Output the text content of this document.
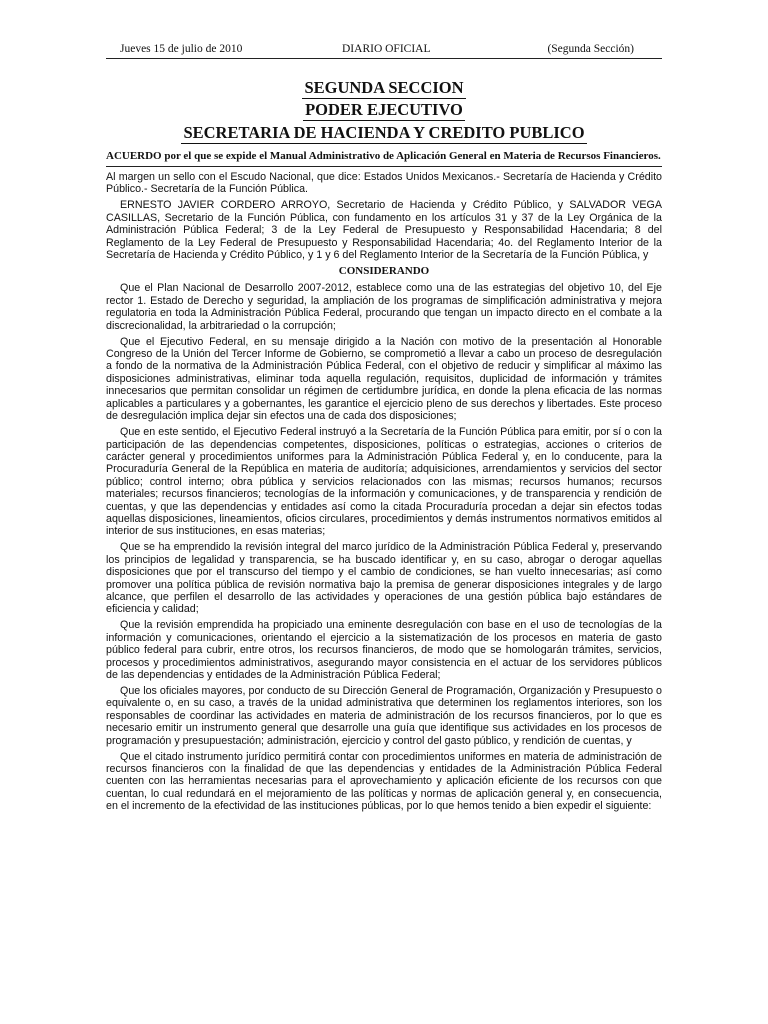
Jueves 15 de julio de 2010	DIARIO OFICIAL	(Segunda Sección)
SEGUNDA SECCION
PODER EJECUTIVO
SECRETARIA DE HACIENDA Y CREDITO PUBLICO
ACUERDO por el que se expide el Manual Administrativo de Aplicación General en Materia de Recursos Financieros.

Al margen un sello con el Escudo Nacional, que dice: Estados Unidos Mexicanos.- Secretaría de Hacienda y Crédito Público.- Secretaría de la Función Pública.

ERNESTO JAVIER CORDERO ARROYO, Secretario de Hacienda y Crédito Público, y SALVADOR VEGA CASILLAS, Secretario de la Función Pública, con fundamento en los artículos 31 y 37 de la Ley Orgánica de la Administración Pública Federal; 3 de la Ley Federal de Presupuesto y Responsabilidad Hacendaria; 8 del Reglamento de la Ley Federal de Presupuesto y Responsabilidad Hacendaria; 4o. del Reglamento Interior de la Secretaría de Hacienda y Crédito Público, y 1 y 6 del Reglamento Interior de la Secretaría de la Función Pública, y

CONSIDERANDO

Que el Plan Nacional de Desarrollo 2007-2012, establece como una de las estrategias del objetivo 10, del Eje rector 1. Estado de Derecho y seguridad, la ampliación de los programas de simplificación administrativa y mejora regulatoria en toda la Administración Pública Federal, procurando que tengan un impacto directo en el combate a la discrecionalidad, la arbitrariedad o la corrupción;

Que el Ejecutivo Federal, en su mensaje dirigido a la Nación con motivo de la presentación al Honorable Congreso de la Unión del Tercer Informe de Gobierno, se comprometió a llevar a cabo un proceso de desregulación a fondo de la normativa de la Administración Pública Federal, con el objetivo de reducir y simplificar al máximo las disposiciones administrativas, eliminar toda aquella regulación, requisitos, duplicidad de información y trámites innecesarios que permitan consolidar un régimen de certidumbre jurídica, en donde la plena eficacia de las normas aplicables a particulares y a gobernantes, les garantice el ejercicio pleno de sus derechos y libertades. Este proceso de desregulación implica dejar sin efectos una de cada dos disposiciones;

Que en este sentido, el Ejecutivo Federal instruyó a la Secretaría de la Función Pública para emitir, por sí o con la participación de las dependencias competentes, disposiciones, políticas o estrategias, acciones o criterios de carácter general y procedimientos uniformes para la Administración Pública Federal y, en lo conducente, para la Procuraduría General de la República en materia de auditoría; adquisiciones, arrendamientos y servicios del sector público; control interno; obra pública y servicios relacionados con las mismas; recursos humanos; recursos materiales; recursos financieros; tecnologías de la información y comunicaciones, y de transparencia y rendición de cuentas, y que las dependencias y entidades así como la citada Procuraduría procedan a dejar sin efectos todas aquellas disposiciones, lineamientos, oficios circulares, procedimientos y demás instrumentos normativos emitidos al interior de sus instituciones, en esas materias;

Que se ha emprendido la revisión integral del marco jurídico de la Administración Pública Federal y, preservando los principios de legalidad y transparencia, se ha buscado identificar y, en su caso, abrogar o derogar aquellas disposiciones que por el transcurso del tiempo y el cambio de condiciones, se han vuelto innecesarias; así como promover una política pública de revisión normativa bajo la premisa de generar disposiciones integrales y de largo alcance, que perfilen el desarrollo de las actividades y operaciones de una gestión pública bajo estándares de eficiencia y calidad;

Que la revisión emprendida ha propiciado una eminente desregulación con base en el uso de tecnologías de la información y comunicaciones, orientando el ejercicio a la sistematización de los procesos en materia de gasto público federal para cubrir, entre otros, los recursos financieros, de modo que se homologarán trámites, servicios, procesos y procedimientos administrativos, asegurando mayor consistencia en el actuar de los servidores públicos de las dependencias y entidades de la Administración Pública Federal;

Que los oficiales mayores, por conducto de su Dirección General de Programación, Organización y Presupuesto o equivalente o, en su caso, a través de la unidad administrativa que determinen los reglamentos interiores, son los responsables de coordinar las actividades en materia de administración de los recursos financieros, por lo que es necesario emitir un instrumento general que desarrolle una guía que identifique sus actividades en los procesos de programación y presupuestación; administración, ejercicio y control del gasto público, y rendición de cuentas, y

Que el citado instrumento jurídico permitirá contar con procedimientos uniformes en materia de administración de recursos financieros con la finalidad de que las dependencias y entidades de la Administración Pública Federal cuenten con las herramientas necesarias para el aprovechamiento y aplicación eficiente de los recursos con que cuentan, lo cual redundará en el mejoramiento de las políticas y normas de aplicación general y, en consecuencia, en el incremento de la efectividad de las instituciones públicas, por lo que hemos tenido a bien expedir el siguiente:
